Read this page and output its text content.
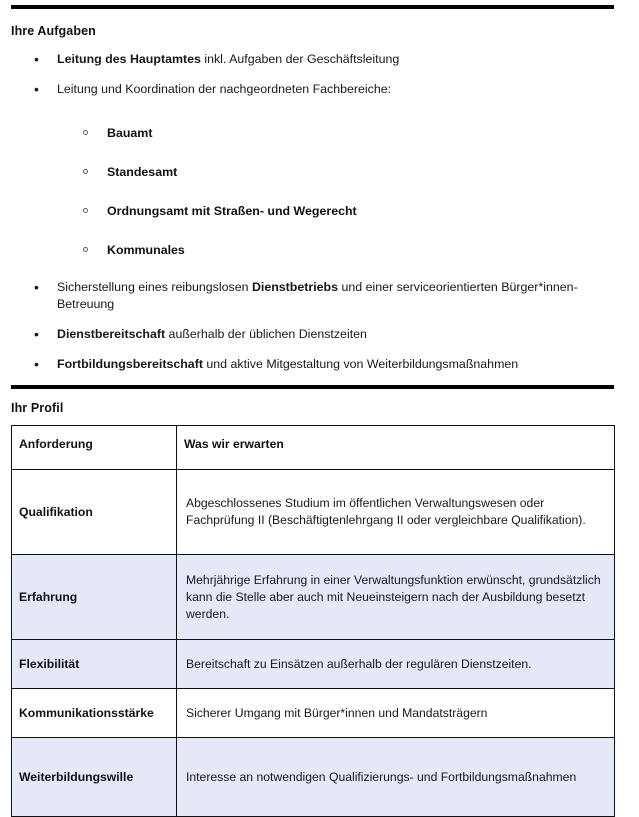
Ihre Aufgaben
• Leitung des Hauptamtes inkl. Aufgaben der Geschäftsleitung
• Leitung und Koordination der nachgeordneten Fachbereiche:
Bauamt
Standesamt
Ordnungsamt mit Straßen- und Wegerecht
Kommunales
• Sicherstellung eines reibungslosen Dienstbetriebs und einer serviceorientierten Bürger*innen-Betreuung
• Dienstbereitschaft außerhalb der üblichen Dienstzeiten
• Fortbildungsbereitschaft und aktive Mitgestaltung von Weiterbildungsmaßnahmen
Ihr Profil
Anforderung	Was wir erwarten
Qualifikation	Abgeschlossenes Studium im öffentlichen Verwaltungswesen oder Fachprüfung II (Beschäftigtenlehrgang II oder vergleichbare Qualifikation).
Erfahrung	Mehrjährige Erfahrung in einer Verwaltungsfunktion erwünscht, grundsätzlich kann die Stelle aber auch mit Neueinsteigern nach der Ausbildung besetzt werden.
Flexibilität	Bereitschaft zu Einsätzen außerhalb der regulären Dienstzeiten.
Kommunikationsstärke	Sicherer Umgang mit Bürger*innen und Mandatsträgern
Weiterbildungswille	Interesse an notwendigen Qualifizierungs- und Fortbildungsmaßnahmen
